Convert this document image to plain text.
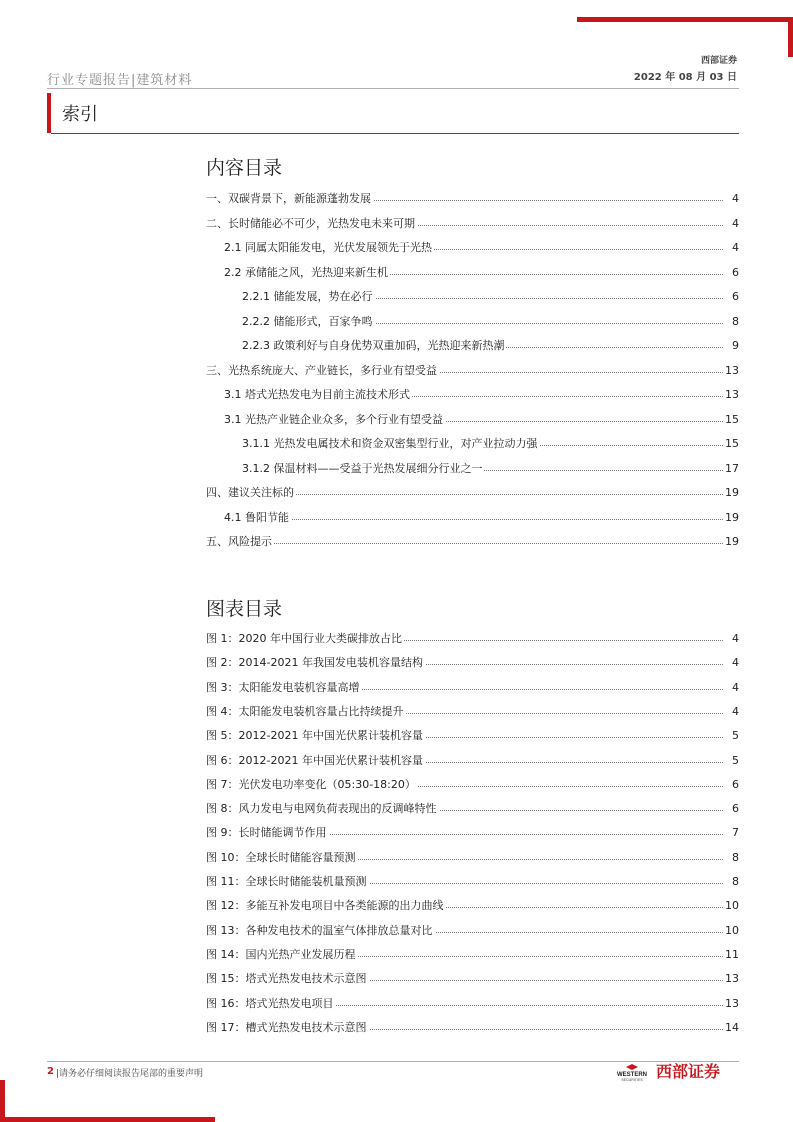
行业专题报告|建筑材料
西部证券
2022 年 08 月 03 日
索引
内容目录
一、双碳背景下，新能源蓬勃发展	4
二、长时储能必不可少，光热发电未来可期	4
2.1 同属太阳能发电，光伏发展领先于光热	4
2.2 承储能之风，光热迎来新生机	6
2.2.1 储能发展，势在必行	6
2.2.2 储能形式，百家争鸣	8
2.2.3 政策利好与自身优势双重加码，光热迎来新热潮	9
三、光热系统庞大、产业链长，多行业有望受益	13
3.1 塔式光热发电为目前主流技术形式	13
3.1 光热产业链企业众多，多个行业有望受益	15
3.1.1 光热发电属技术和资金双密集型行业，对产业拉动力强	15
3.1.2 保温材料——受益于光热发展细分行业之一	17
四、建议关注标的	19
4.1 鲁阳节能	19
五、风险提示	19
图表目录
图 1：2020 年中国行业大类碳排放占比	4
图 2：2014-2021 年我国发电装机容量结构	4
图 3：太阳能发电装机容量高增	4
图 4：太阳能发电装机容量占比持续提升	4
图 5：2012-2021 年中国光伏累计装机容量	5
图 6：2012-2021 年中国光伏累计装机容量	5
图 7：光伏发电功率变化（05:30-18:20）	6
图 8：风力发电与电网负荷表现出的反调峰特性	6
图 9：长时储能调节作用	7
图 10：全球长时储能容量预测	8
图 11：全球长时储能装机量预测	8
图 12：多能互补发电项目中各类能源的出力曲线	10
图 13：各种发电技术的温室气体排放总量对比	10
图 14：国内光热产业发展历程	11
图 15：塔式光热发电技术示意图	13
图 16：塔式光热发电项目	13
图 17：槽式光热发电技术示意图	14
2 |请务必仔细阅读报告尾部的重要声明	WESTERN
SECURITIES 西部证券
